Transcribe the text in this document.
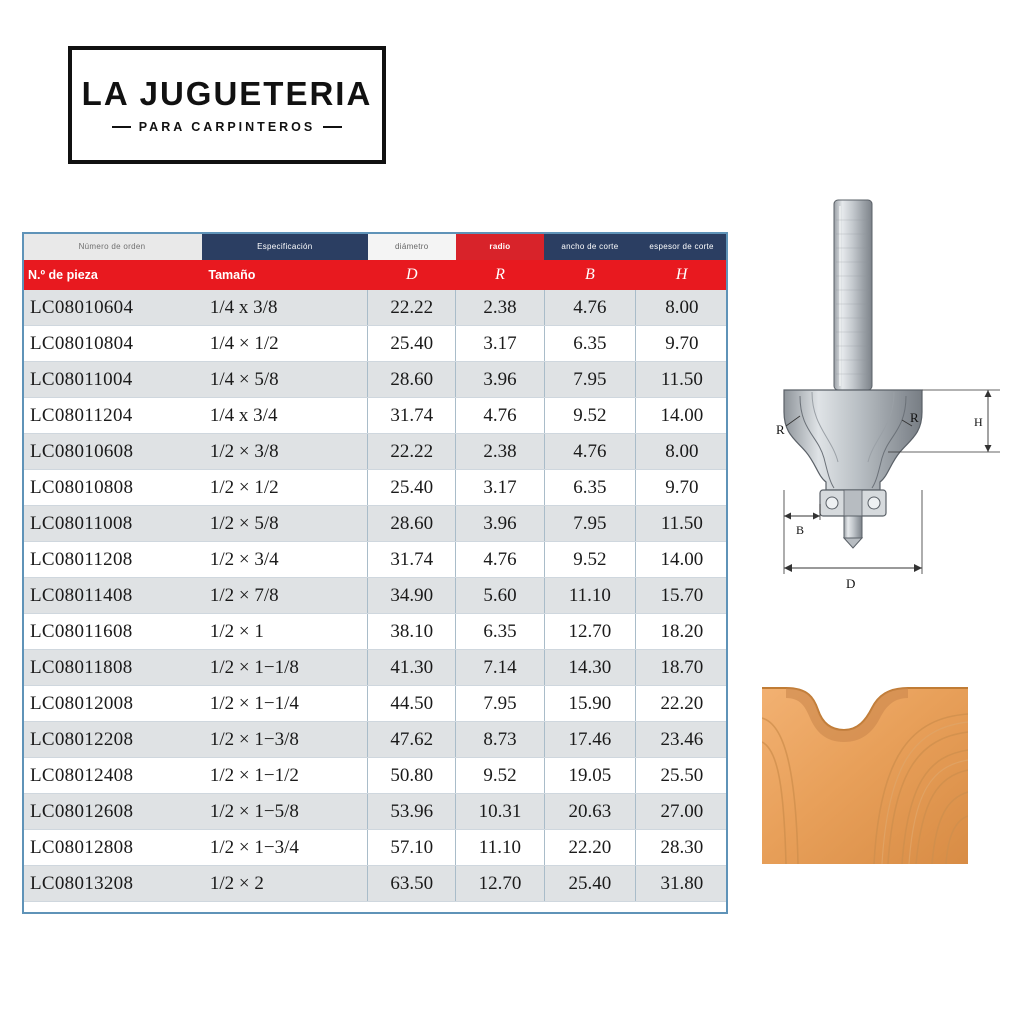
LA JUGUETERIA
PARA CARPINTEROS
Número de orden	Especificación	diámetro	radio	ancho de corte	espesor de corte

N.º de pieza	Tamaño	D	R	B	H
LC08010604	1/4 x 3/8	22.22	2.38	4.76	8.00
LC08010804	1/4 × 1/2	25.40	3.17	6.35	9.70
LC08011004	1/4 × 5/8	28.60	3.96	7.95	11.50
LC08011204	1/4 x 3/4	31.74	4.76	9.52	14.00
LC08010608	1/2 × 3/8	22.22	2.38	4.76	8.00
LC08010808	1/2 × 1/2	25.40	3.17	6.35	9.70
LC08011008	1/2 × 5/8	28.60	3.96	7.95	11.50
LC08011208	1/2 × 3/4	31.74	4.76	9.52	14.00
LC08011408	1/2 × 7/8	34.90	5.60	11.10	15.70
LC08011608	1/2 × 1	38.10	6.35	12.70	18.20
LC08011808	1/2 × 1−1/8	41.30	7.14	14.30	18.70
LC08012008	1/2 × 1−1/4	44.50	7.95	15.90	22.20
LC08012208	1/2 × 1−3/8	47.62	8.73	17.46	23.46
LC08012408	1/2 × 1−1/2	50.80	9.52	19.05	25.50
LC08012608	1/2 × 1−5/8	53.96	10.31	20.63	27.00
LC08012808	1/2 × 1−3/4	57.10	11.10	22.20	28.30
LC08013208	1/2 × 2	63.50	12.70	25.40	31.80
R
R	H
B
D
